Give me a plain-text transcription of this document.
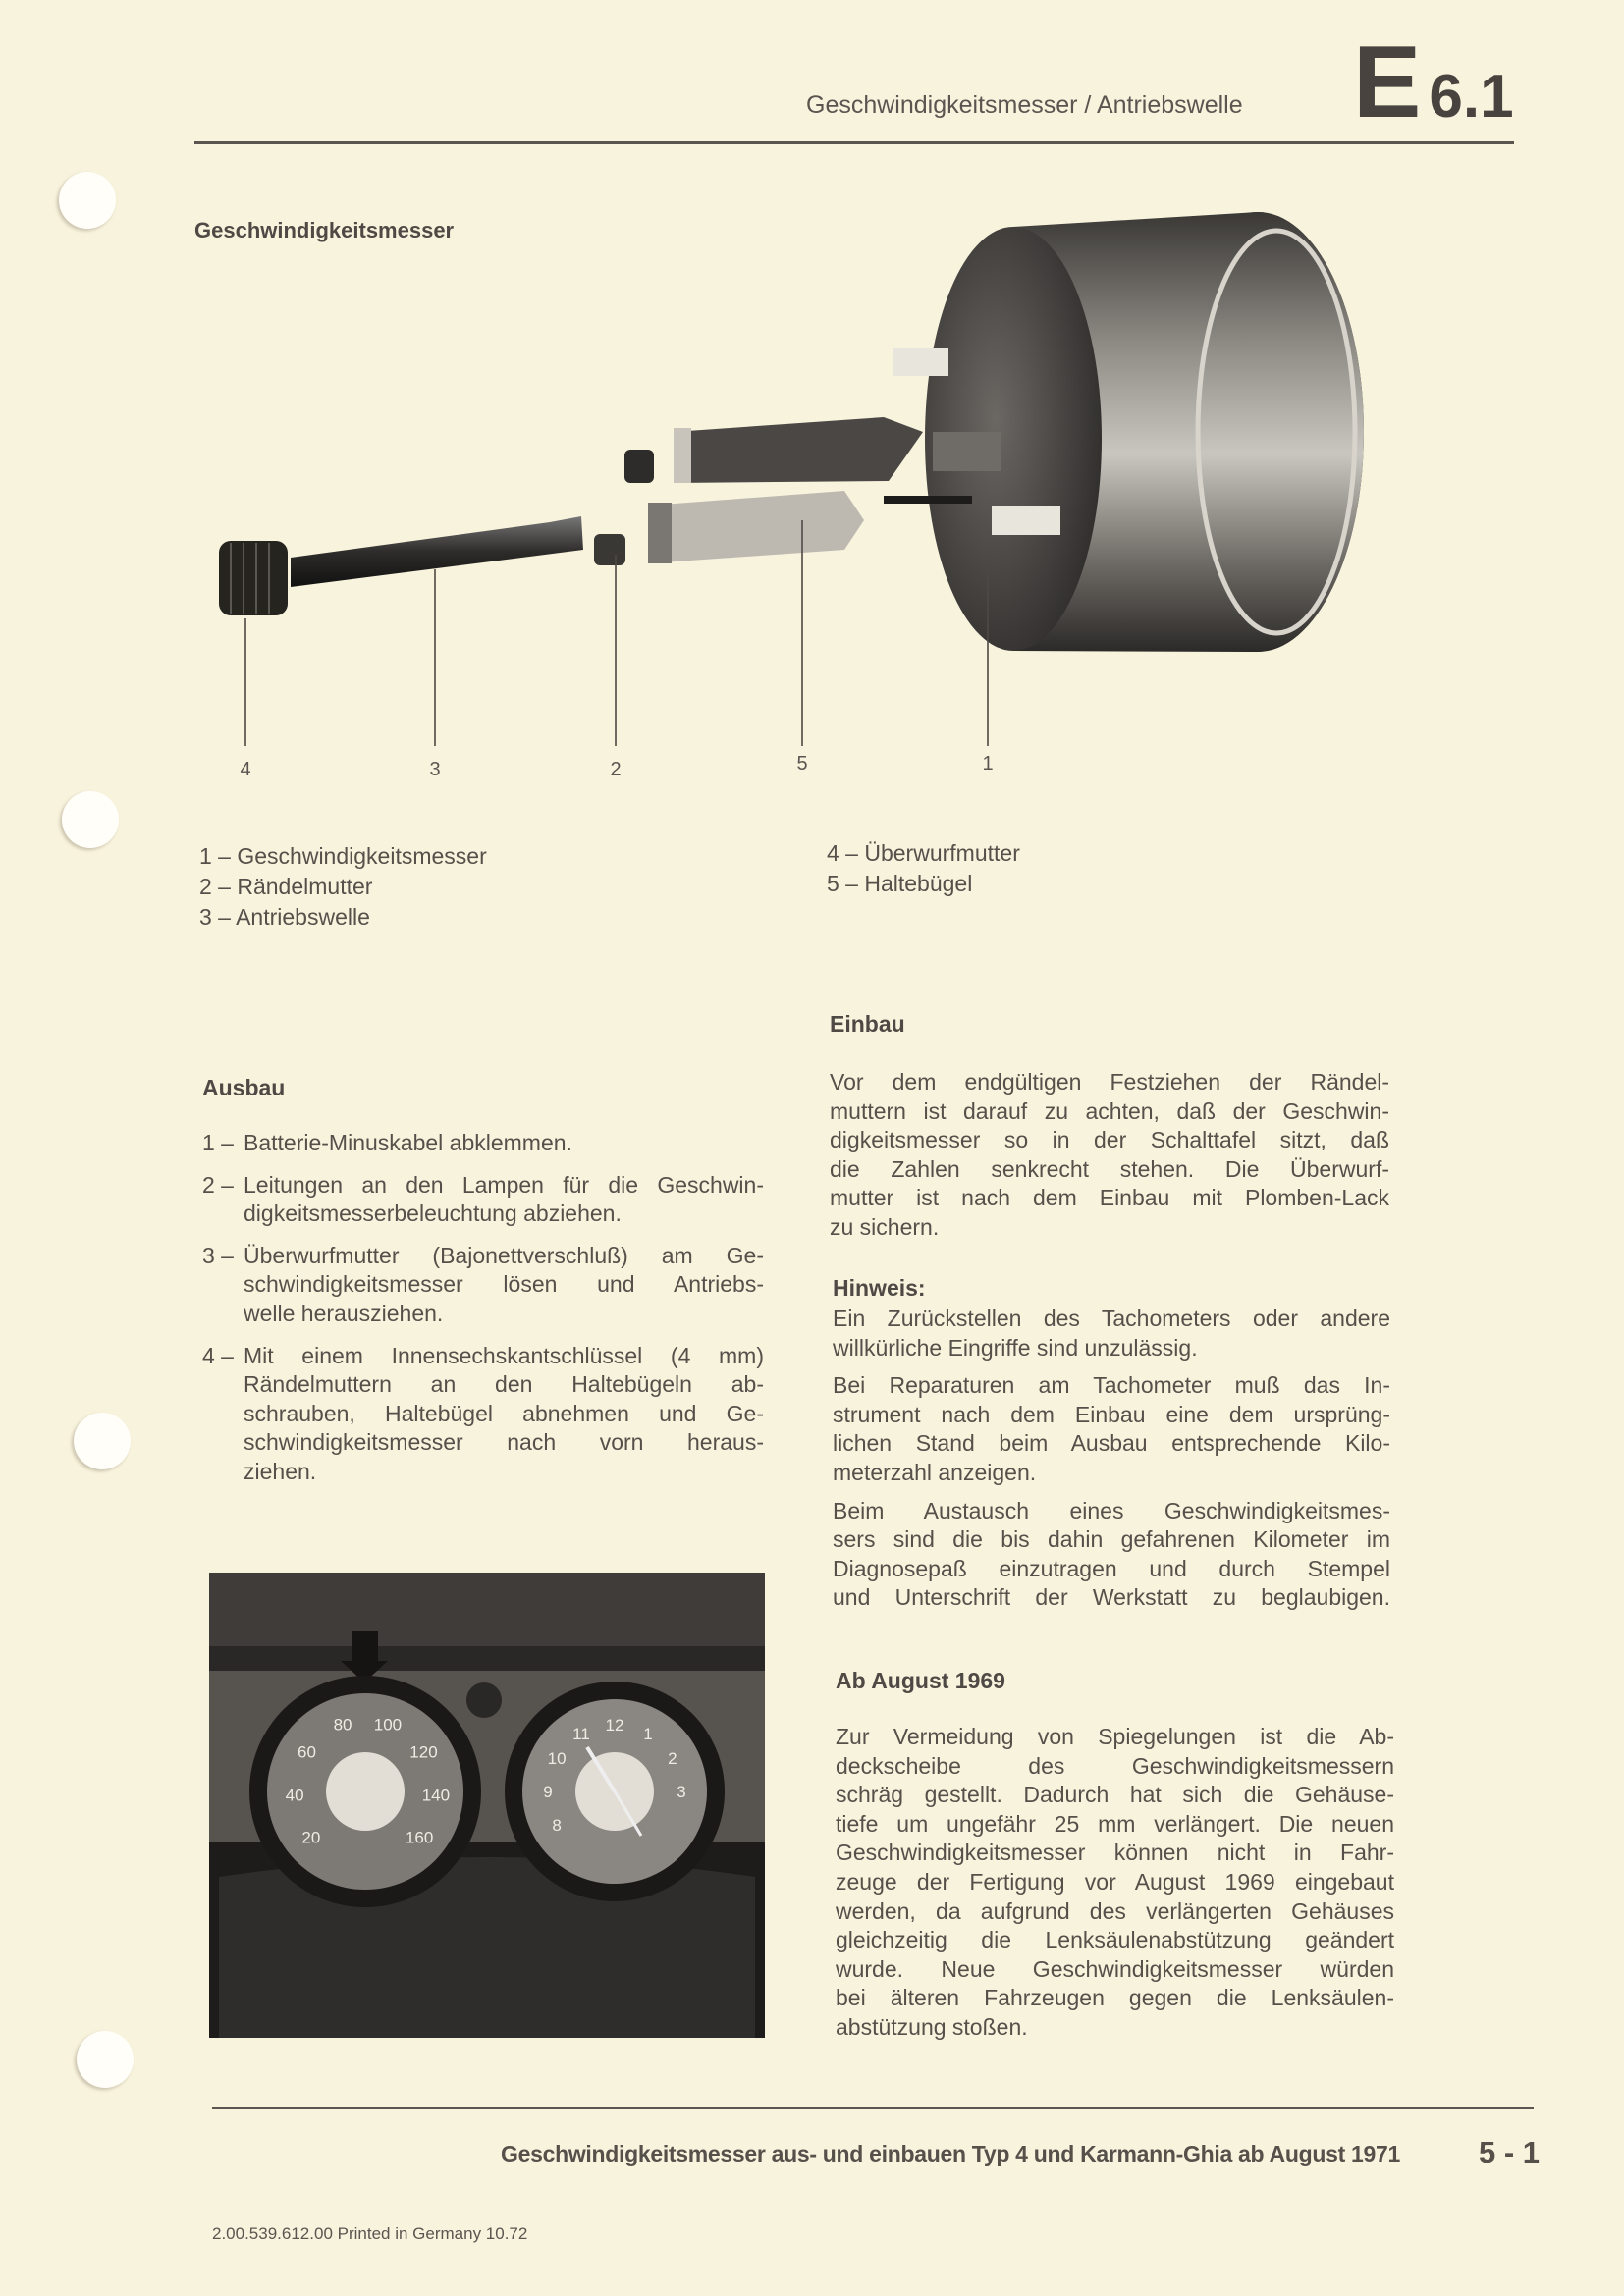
Geschwindigkeitsmesser / Antriebswelle E 6.1
Geschwindigkeitsmesser
4	3	2	5	1
1 – Geschwindigkeitsmesser
2 – Rändelmutter
3 – Antriebswelle
4 – Überwurfmutter
5 – Haltebügel
Ausbau
1 – Batterie-Minuskabel abklemmen.
2 – Leitungen an den Lampen für die Geschwin-
digkeitsmesserbeleuchtung abziehen.
3 – Überwurfmutter (Bajonettverschluß) am Ge-
schwindigkeitsmesser lösen und Antriebs-
welle herausziehen.
4 – Mit einem Innensechskantschlüssel (4 mm)
Rändelmuttern an den Haltebügeln ab-
schrauben, Haltebügel abnehmen und Ge-
schwindigkeitsmesser nach vorn heraus-
ziehen.
Einbau
Vor dem endgültigen Festziehen der Rändel-
muttern ist darauf zu achten, daß der Geschwin-
digkeitsmesser so in der Schalttafel sitzt, daß
die Zahlen senkrecht stehen. Die Überwurf-
mutter ist nach dem Einbau mit Plomben-Lack
zu sichern.
Hinweis:
Ein Zurückstellen des Tachometers oder andere
willkürliche Eingriffe sind unzulässig.
Bei Reparaturen am Tachometer muß das In-
strument nach dem Einbau eine dem ursprüng-
lichen Stand beim Ausbau entsprechende Kilo-
meterzahl anzeigen.
Beim Austausch eines Geschwindigkeitsmes-
sers sind die bis dahin gefahrenen Kilometer im
Diagnosepaß einzutragen und durch Stempel
und Unterschrift der Werkstatt zu beglaubigen.
20
40
60
80 100
120
140
160
8
9
10
11 12 1
2
3
Ab August 1969
Zur Vermeidung von Spiegelungen ist die Ab-
deckscheibe des Geschwindigkeitsmessern
schräg gestellt. Dadurch hat sich die Gehäuse-
tiefe um ungefähr 25 mm verlängert. Die neuen
Geschwindigkeitsmesser können nicht in Fahr-
zeuge der Fertigung vor August 1969 eingebaut
werden, da aufgrund des verlängerten Gehäuses
gleichzeitig die Lenksäulenabstützung geändert
wurde. Neue Geschwindigkeitsmesser würden
bei älteren Fahrzeugen gegen die Lenksäulen-
abstützung stoßen.
Geschwindigkeitsmesser aus- und einbauen Typ 4 und Karmann-Ghia ab August 1971	5 - 1
2.00.539.612.00 Printed in Germany 10.72
